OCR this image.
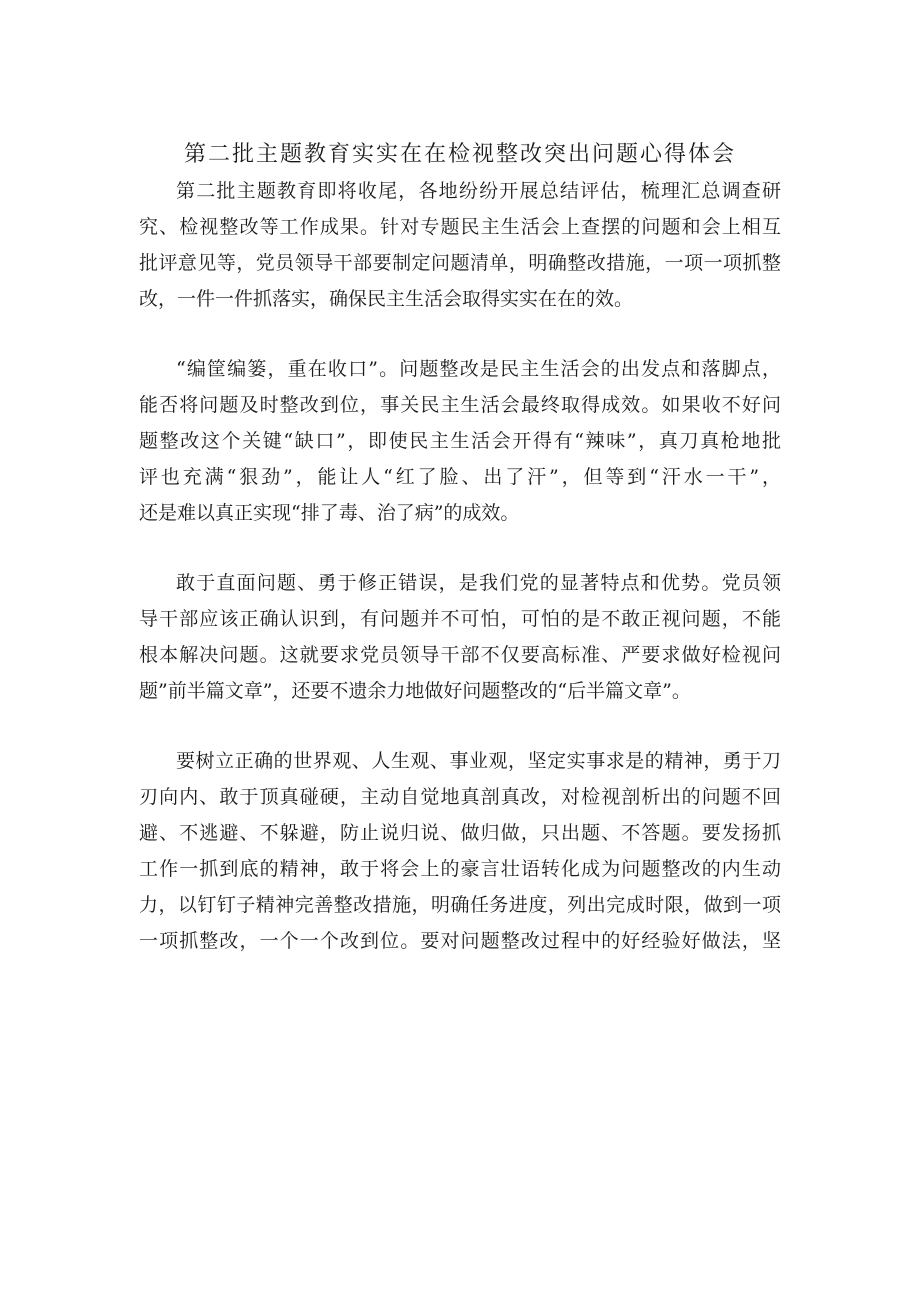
第二批主题教育实实在在检视整改突出问题心得体会
第二批主题教育即将收尾，各地纷纷开展总结评估，梳理汇总调查研
究、检视整改等工作成果。针对专题民主生活会上查摆的问题和会上相互
批评意见等，党员领导干部要制定问题清单，明确整改措施，一项一项抓整
改，一件一件抓落实，确保民主生活会取得实实在在的效。
“编筐编篓，重在收口”。问题整改是民主生活会的出发点和落脚点，
能否将问题及时整改到位，事关民主生活会最终取得成效。如果收不好问
题整改这个关键“缺口”，即使民主生活会开得有“辣味”，真刀真枪地批
评也充满“狠劲”，能让人“红了脸、出了汗”，但等到“汗水一干”，
还是难以真正实现“排了毒、治了病”的成效。
敢于直面问题、勇于修正错误，是我们党的显著特点和优势。党员领
导干部应该正确认识到，有问题并不可怕，可怕的是不敢正视问题，不能
根本解决问题。这就要求党员领导干部不仅要高标准、严要求做好检视问
题”前半篇文章”，还要不遗余力地做好问题整改的“后半篇文章”。
要树立正确的世界观、人生观、事业观，坚定实事求是的精神，勇于刀
刃向内、敢于顶真碰硬，主动自觉地真剖真改，对检视剖析出的问题不回
避、不逃避、不躲避，防止说归说、做归做，只出题、不答题。要发扬抓
工作一抓到底的精神，敢于将会上的豪言壮语转化成为问题整改的内生动
力，以钉钉子精神完善整改措施，明确任务进度，列出完成时限，做到一项
一项抓整改，一个一个改到位。要对问题整改过程中的好经验好做法，坚
